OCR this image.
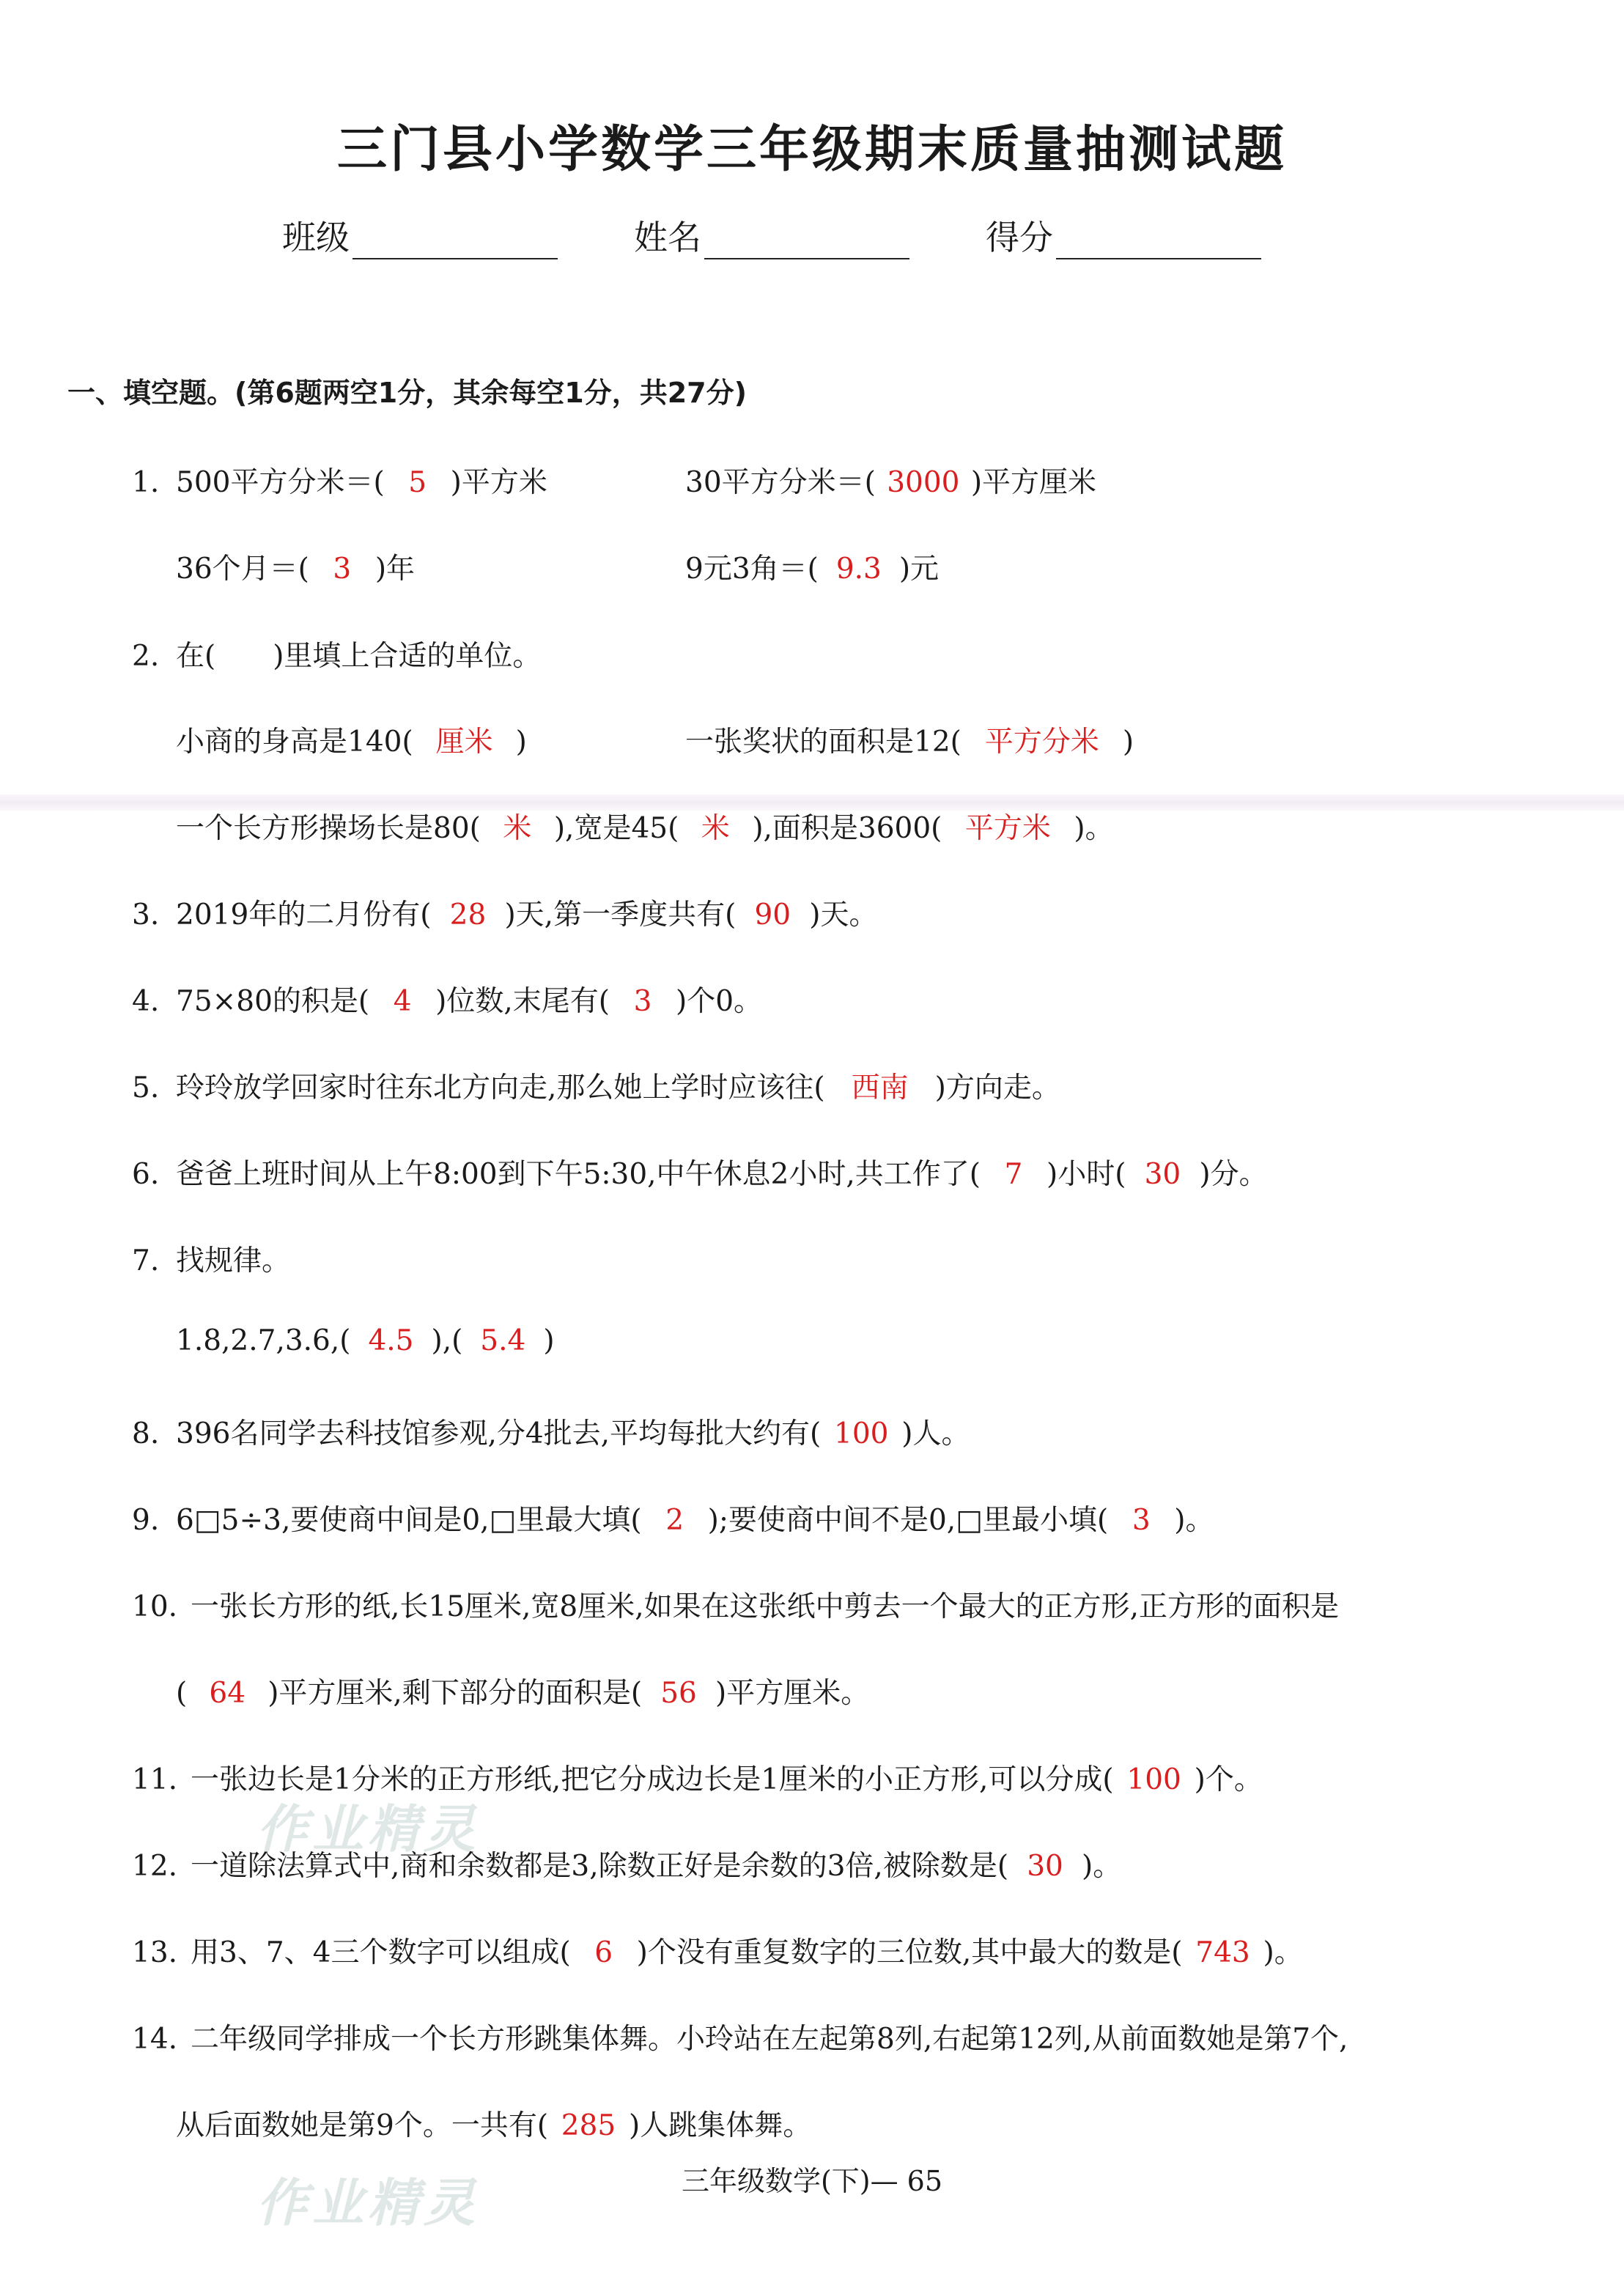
三门县小学数学三年级期末质量抽测试题
班级	姓名	得分
一、填空题。(第6题两空1分，其余每空1分，共27分)
1. 500平方分米＝( 5 )平方米	30平方分米＝( 3000 )平方厘米
36个月＝( 3 )年	9元3角＝( 9.3 )元
2. 在(　　)里填上合适的单位。
小商的身高是140( 厘米 )	一张奖状的面积是12( 平方分米 )
一个长方形操场长是80( 米 ),宽是45( 米 ),面积是3600( 平方米 )。
3. 2019年的二月份有( 28 )天,第一季度共有( 90 )天。
4. 75×80的积是( 4 )位数,末尾有( 3 )个0。
5. 玲玲放学回家时往东北方向走,那么她上学时应该往( 西南 )方向走。
6. 爸爸上班时间从上午8:00到下午5:30,中午休息2小时,共工作了( 7 )小时( 30 )分。
7. 找规律。
1.8,2.7,3.6,( 4.5 ),( 5.4 )
8. 396名同学去科技馆参观,分4批去,平均每批大约有( 100 )人。
9. 6□5÷3,要使商中间是0,□里最大填( 2 );要使商中间不是0,□里最小填( 3 )。
10. 一张长方形的纸,长15厘米,宽8厘米,如果在这张纸中剪去一个最大的正方形,正方形的面积是
( 64 )平方厘米,剩下部分的面积是( 56 )平方厘米。
11. 一张边长是1分米的正方形纸,把它分成边长是1厘米的小正方形,可以分成( 100 )个。
12. 一道除法算式中,商和余数都是3,除数正好是余数的3倍,被除数是( 30 )。
13. 用3、7、4三个数字可以组成( 6 )个没有重复数字的三位数,其中最大的数是( 743 )。
14. 二年级同学排成一个长方形跳集体舞。小玲站在左起第8列,右起第12列,从前面数她是第7个,
从后面数她是第9个。一共有( 285 )人跳集体舞。
三年级数学(下)— 65
作业精灵
作业精灵
